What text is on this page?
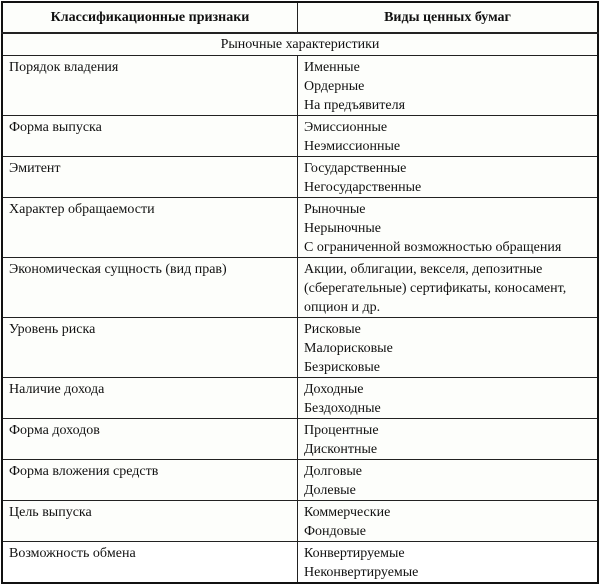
Классификационные признаки	Виды ценных бумаг
Рыночные характеристики	
Порядок владения	Именные
Ордерные
На предъявителя

Форма выпуска	Эмиссионные
Неэмиссионные

Эмитент	Государственные
Негосударственные

Характер обращаемости	Рыночные
Нерыночные
С ограниченной возможностью обращения

Экономическая сущность (вид прав)	Акции, облигации, векселя, депозитные
(сберегательные) сертификаты, коносамент,
опцион и др.

Уровень риска	Рисковые
Малорисковые
Безрисковые

Наличие дохода	Доходные
Бездоходные

Форма доходов	Процентные
Дисконтные

Форма вложения средств	Долговые
Долевые

Цель выпуска	Коммерческие
Фондовые

Возможность обмена	Конвертируемые
Неконвертируемые
